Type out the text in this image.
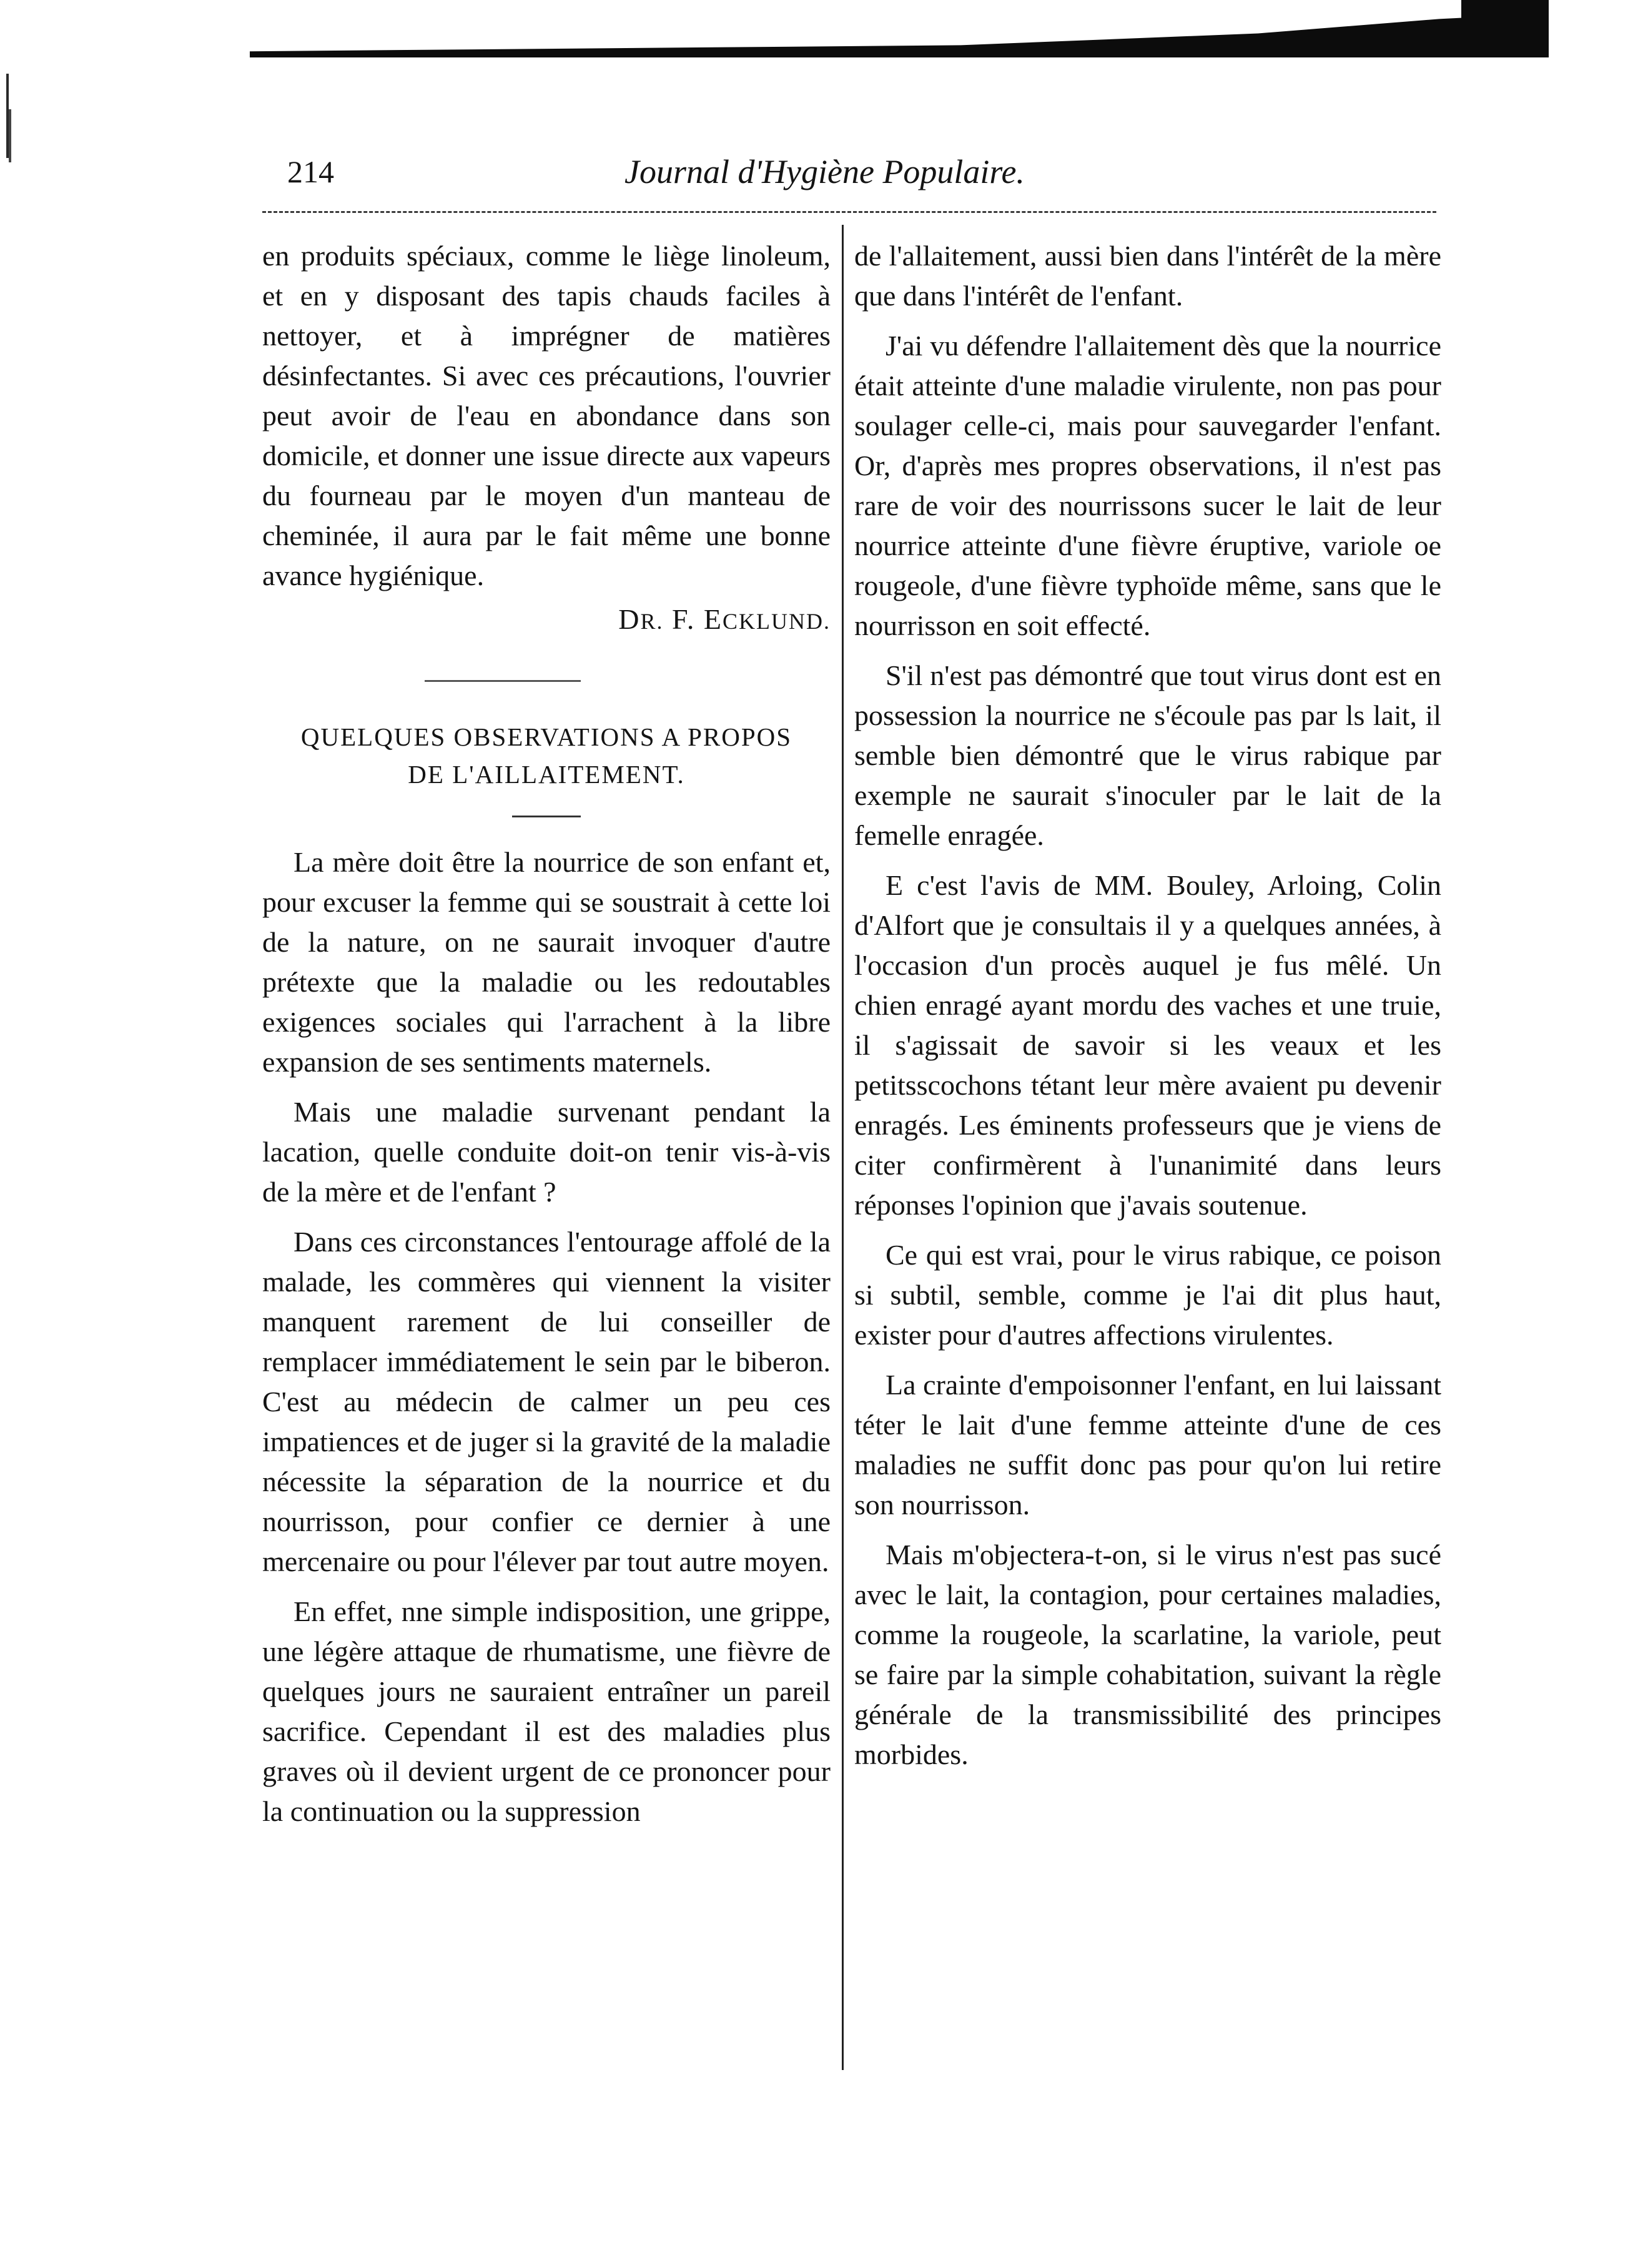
214	Journal d'Hygiène Populaire.

en produits spéciaux, comme le liège linoleum, et en y disposant des tapis chauds faciles à nettoyer, et à imprégner de matières désinfectantes. Si avec ces précautions, l'ouvrier peut avoir de l'eau en abondance dans son domicile, et donner une issue directe aux vapeurs du fourneau par le moyen d'un manteau de cheminée, il aura par le fait même une bonne avance hygiénique.

DR. F. ECKLUND.

QUELQUES OBSERVATIONS A PROPOS
DE L'AILLAITEMENT.

La mère doit être la nourrice de son enfant et, pour excuser la femme qui se soustrait à cette loi de la nature, on ne saurait invoquer d'autre prétexte que la maladie ou les redoutables exigences sociales qui l'arrachent à la libre expansion de ses sentiments maternels.

Mais une maladie survenant pendant la lacation, quelle conduite doit-on tenir vis-à-vis de la mère et de l'enfant ?

Dans ces circonstances l'entourage affolé de la malade, les commères qui viennent la visiter manquent rarement de lui conseiller de remplacer immédiatement le sein par le biberon. C'est au médecin de calmer un peu ces impatiences et de juger si la gravité de la maladie nécessite la séparation de la nourrice et du nourrisson, pour confier ce dernier à une mercenaire ou pour l'élever par tout autre moyen.

En effet, nne simple indisposition, une grippe, une légère attaque de rhumatisme, une fièvre de quelques jours ne sauraient entraîner un pareil sacrifice. Cependant il est des maladies plus graves où il devient urgent de ce prononcer pour la continuation ou la suppression

de l'allaitement, aussi bien dans l'intérêt de la mère que dans l'intérêt de l'enfant.

J'ai vu défendre l'allaitement dès que la nourrice était atteinte d'une maladie virulente, non pas pour soulager celle-ci, mais pour sauvegarder l'enfant. Or, d'après mes propres observations, il n'est pas rare de voir des nourrissons sucer le lait de leur nourrice atteinte d'une fièvre éruptive, variole oe rougeole, d'une fièvre typhoïde même, sans que le nourrisson en soit effecté.

S'il n'est pas démontré que tout virus dont est en possession la nourrice ne s'écoule pas par ls lait, il semble bien démontré que le virus rabique par exemple ne saurait s'inoculer par le lait de la femelle enragée.

E c'est l'avis de MM. Bouley, Arloing, Colin d'Alfort que je consultais il y a quelques années, à l'occasion d'un procès auquel je fus mêlé. Un chien enragé ayant mordu des vaches et une truie, il s'agissait de savoir si les veaux et les petitsscochons tétant leur mère avaient pu devenir enragés. Les éminents professeurs que je viens de citer confirmèrent à l'unanimité dans leurs réponses l'opinion que j'avais soutenue.

Ce qui est vrai, pour le virus rabique, ce poison si subtil, semble, comme je l'ai dit plus haut, exister pour d'autres affections virulentes.

La crainte d'empoisonner l'enfant, en lui laissant téter le lait d'une femme atteinte d'une de ces maladies ne suffit donc pas pour qu'on lui retire son nourrisson.

Mais m'objectera-t-on, si le virus n'est pas sucé avec le lait, la contagion, pour certaines maladies, comme la rougeole, la scarlatine, la variole, peut se faire par la simple cohabitation, suivant la règle générale de la transmissibilité des principes morbides.
